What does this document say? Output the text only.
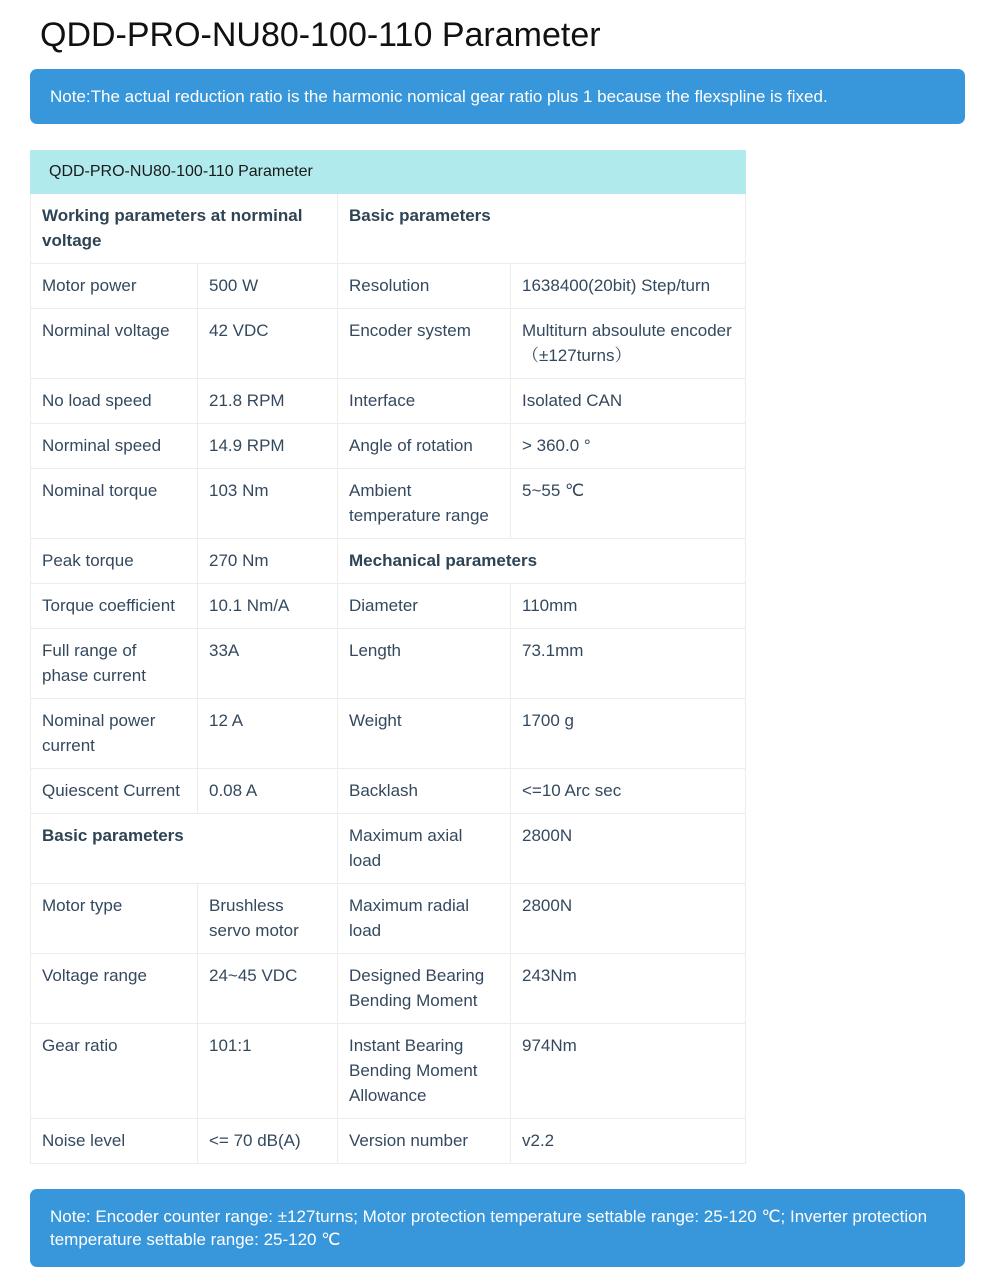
QDD-PRO-NU80-100-110 Parameter
Note:The actual reduction ratio is the harmonic nomical gear ratio plus 1 because the flexspline is fixed.
QDD-PRO-NU80-100-110 Parameter			
Working parameters at norminal voltage		Basic parameters	
Motor power	500 W	Resolution	1638400(20bit) Step/turn
Norminal voltage	42 VDC	Encoder system	Multiturn absoulute encoder（±127turns）
No load speed	21.8 RPM	Interface	Isolated CAN
Norminal speed	14.9 RPM	Angle of rotation	> 360.0 °
Nominal torque	103 Nm	Ambient temperature range	5~55 ℃
Peak torque	270 Nm	Mechanical parameters	
Torque coefficient	10.1 Nm/A	Diameter	110mm
Full range of phase current	33A	Length	73.1mm
Nominal power current	12 A	Weight	1700 g
Quiescent Current	0.08 A	Backlash	<=10 Arc sec
Basic parameters		Maximum axial load	2800N
Motor type	Brushless servo motor	Maximum radial load	2800N
Voltage range	24~45 VDC	Designed Bearing Bending Moment	243Nm
Gear ratio	101:1	Instant Bearing Bending Moment Allowance	974Nm
Noise level	<= 70 dB(A)	Version number	v2.2
Note: Encoder counter range: ±127turns; Motor protection temperature settable range: 25-120 ℃; Inverter protection temperature settable range: 25-120 ℃
